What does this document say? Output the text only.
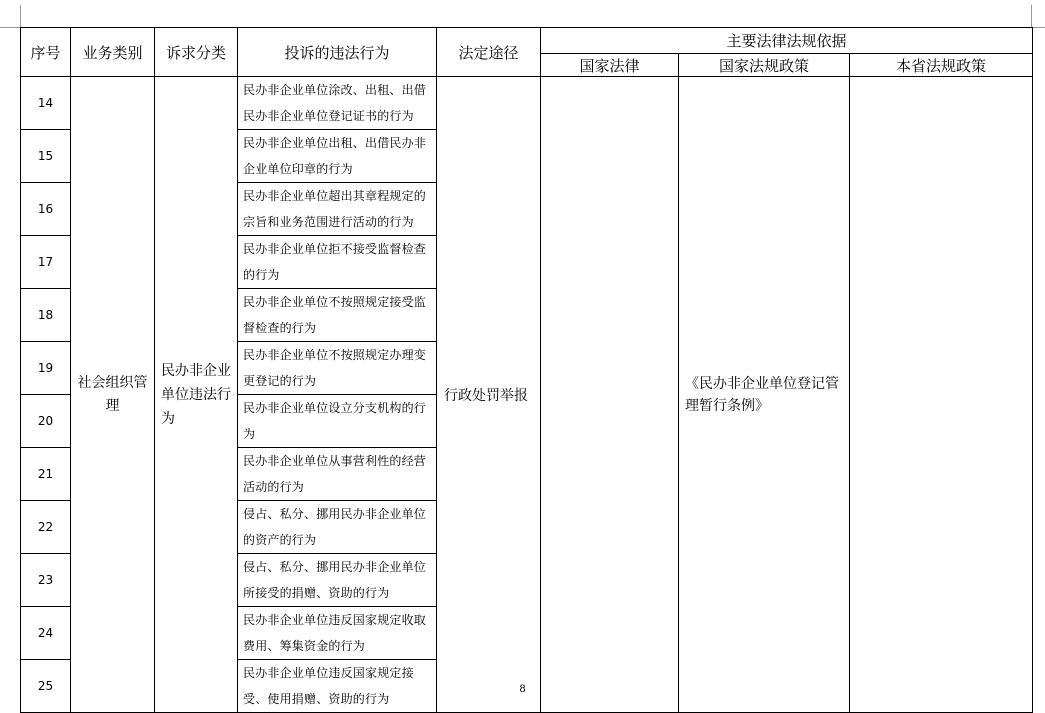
序号	业务类别	诉求分类	投诉的违法行为	法定途径	主要法律法规依据		
					国家法律	国家法规政策	本省法规政策
14	社会组织管理	民办非企业单位违法行为	民办非企业单位涂改、出租、出借民办非企业单位登记证书的行为	行政处罚举报		《民办非企业单位登记管理暂行条例》	
15			民办非企业单位出租、出借民办非企业单位印章的行为				
16			民办非企业单位超出其章程规定的宗旨和业务范围进行活动的行为				
17			民办非企业单位拒不接受监督检查的行为				
18			民办非企业单位不按照规定接受监督检查的行为				
19			民办非企业单位不按照规定办理变更登记的行为				
20			民办非企业单位设立分支机构的行为				
21			民办非企业单位从事营利性的经营活动的行为				
22			侵占、私分、挪用民办非企业单位的资产的行为				
23			侵占、私分、挪用民办非企业单位所接受的捐赠、资助的行为				
24			民办非企业单位违反国家规定收取费用、筹集资金的行为				
25			民办非企业单位违反国家规定接受、使用捐赠、资助的行为				
8
